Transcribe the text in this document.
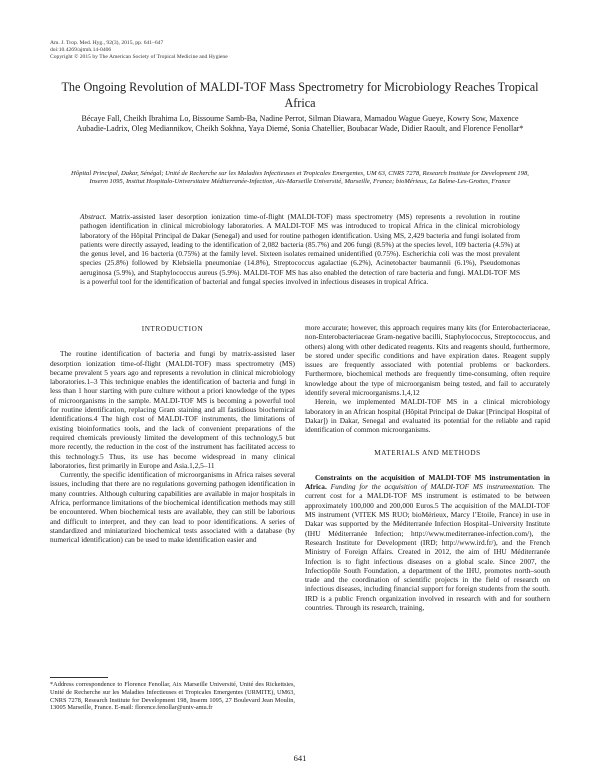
Am. J. Trop. Med. Hyg., 92(3), 2015, pp. 641–647
doi:10.4269/ajtmh.14-0406
Copyright © 2015 by The American Society of Tropical Medicine and Hygiene
The Ongoing Revolution of MALDI-TOF Mass Spectrometry for Microbiology Reaches Tropical Africa
Bécaye Fall, Cheikh Ibrahima Lo, Bissoume Samb-Ba, Nadine Perrot, Silman Diawara, Mamadou Wague Gueye, Kowry Sow, Maxence Aubadie-Ladrix, Oleg Mediannikov, Cheikh Sokhna, Yaya Diemé, Sonia Chatellier, Boubacar Wade, Didier Raoult, and Florence Fenollar*
Hôpital Principal, Dakar, Sénégal; Unité de Recherche sur les Maladies Infectieuses et Tropicales Emergentes, UM 63, CNRS 7278, Research Institute for Development 198, Inserm 1095, Institut Hospitalo-Universitaire Méditerranée-Infection, Aix-Marseille Université, Marseille, France; bioMérieux, La Balme-Les-Grottes, France
Abstract. Matrix-assisted laser desorption ionization time-of-flight (MALDI-TOF) mass spectrometry (MS) represents a revolution in routine pathogen identification in clinical microbiology laboratories. A MALDI-TOF MS was introduced to tropical Africa in the clinical microbiology laboratory of the Hôpital Principal de Dakar (Senegal) and used for routine pathogen identification. Using MS, 2,429 bacteria and fungi isolated from patients were directly assayed, leading to the identification of 2,082 bacteria (85.7%) and 206 fungi (8.5%) at the species level, 109 bacteria (4.5%) at the genus level, and 16 bacteria (0.75%) at the family level. Sixteen isolates remained unidentified (0.75%). Escherichia coli was the most prevalent species (25.8%) followed by Klebsiella pneumoniae (14.8%), Streptococcus agalactiae (6.2%), Acinetobacter baumannii (6.1%), Pseudomonas aeruginosa (5.9%), and Staphylococcus aureus (5.9%). MALDI-TOF MS has also enabled the detection of rare bacteria and fungi. MALDI-TOF MS is a powerful tool for the identification of bacterial and fungal species involved in infectious diseases in tropical Africa.
INTRODUCTION

The routine identification of bacteria and fungi by matrix-assisted laser desorption ionization time-of-flight (MALDI-TOF) mass spectrometry (MS) became prevalent 5 years ago and represents a revolution in clinical microbiology laboratories.1–3 This technique enables the identification of bacteria and fungi in less than 1 hour starting with pure culture without a priori knowledge of the types of microorganisms in the sample. MALDI-TOF MS is becoming a powerful tool for routine identification, replacing Gram staining and all fastidious biochemical identifications.4 The high cost of MALDI-TOF instruments, the limitations of existing bioinformatics tools, and the lack of convenient preparations of the required chemicals previously limited the development of this technology,5 but more recently, the reduction in the cost of the instrument has facilitated access to this technology.5 Thus, its use has become widespread in many clinical laboratories, first primarily in Europe and Asia.1,2,5–11

Currently, the specific identification of microorganisms in Africa raises several issues, including that there are no regulations governing pathogen identification in many countries. Although culturing capabilities are available in major hospitals in Africa, performance limitations of the biochemical identification methods may still be encountered. When biochemical tests are available, they can still be laborious and difficult to interpret, and they can lead to poor identifications. A series of standardized and miniaturized biochemical tests associated with a database (by numerical identification) can be used to make identification easier and

more accurate; however, this approach requires many kits (for Enterobacteriaceae, non-Enterobacteriaceae Gram-negative bacilli, Staphylococcus, Streptococcus, and others) along with other dedicated reagents. Kits and reagents should, furthermore, be stored under specific conditions and have expiration dates. Reagent supply issues are frequently associated with potential problems or backorders. Furthermore, biochemical methods are frequently time-consuming, often require knowledge about the type of microorganism being tested, and fail to accurately identify several microorganisms.1,4,12

Herein, we implemented MALDI-TOF MS in a clinical microbiology laboratory in an African hospital (Hôpital Principal de Dakar [Principal Hospital of Dakar]) in Dakar, Senegal and evaluated its potential for the reliable and rapid identification of common microorganisms.

MATERIALS AND METHODS

Constraints on the acquisition of MALDI-TOF MS instrumentation in Africa. Funding for the acquisition of MALDI-TOF MS instrumentation. The current cost for a MALDI-TOF MS instrument is estimated to be between approximately 100,000 and 200,000 Euros.5 The acquisition of the MALDI-TOF MS instrument (VITEK MS RUO; bioMérieux, Marcy l’Etoile, France) in use in Dakar was supported by the Méditerranée Infection Hospital–University Institute (IHU Méditerranée Infection; http://www.mediterranee-infection.com/), the Research Institute for Development (IRD; http://www.ird.fr/), and the French Ministry of Foreign Affairs. Created in 2012, the aim of IHU Méditerranée Infection is to fight infectious diseases on a global scale. Since 2007, the Infectiopôle South Foundation, a department of the IHU, promotes north–south trade and the coordination of scientific projects in the field of research on infectious diseases, including financial support for foreign students from the south. IRD is a public French organization involved in research with and for southern countries. Through its research, training,

*Address correspondence to Florence Fenollar, Aix Marseille Université, Unité des Rickettsies, Unité de Recherche sur les Maladies Infectieuses et Tropicales Emergentes (URMITE), UM63, CNRS 7278, Research Institute for Development 198, Inserm 1095, 27 Boulevard Jean Moulin, 13005 Marseille, France. E-mail: florence.fenollar@univ-amu.fr
641
